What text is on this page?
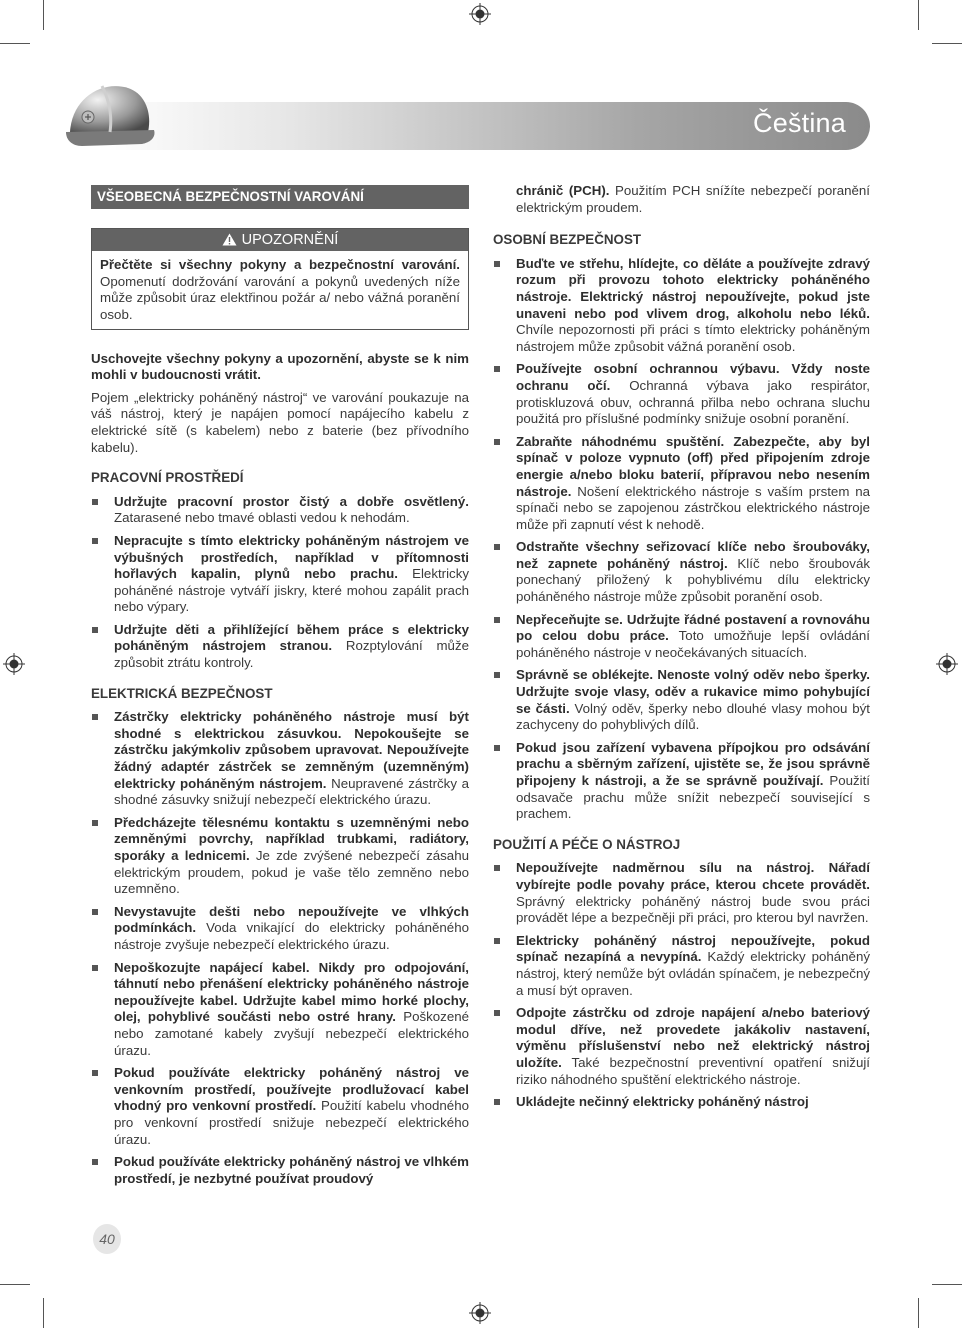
Čeština
VŠEOBECNÁ BEZPEČNOSTNÍ VAROVÁNÍ
UPOZORNĚNÍ
Přečtěte si všechny pokyny a bezpečnostní varování. Opomenutí dodržování varování a pokynů uvedených níže může způsobit úraz elektřinou požár a/ nebo vážná poranění osob.

Uschovejte všechny pokyny a upozornění, abyste se k nim mohli v budoucnosti vrátit.

Pojem „elektricky poháněný nástroj“ ve varování poukazuje na váš nástroj, který je napájen pomocí napájecího kabelu z elektrické sítě (s kabelem) nebo z baterie (bez přívodního kabelu).

PRACOVNÍ PROSTŘEDÍ
Udržujte pracovní prostor čistý a dobře osvětlený. Zatarasené nebo tmavé oblasti vedou k nehodám.
Nepracujte s tímto elektricky poháněným nástrojem ve výbušných prostředích, například v přítomnosti hořlavých kapalin, plynů nebo prachu. Elektricky poháněné nástroje vytváří jiskry, které mohou zapálit prach nebo výpary.
Udržujte děti a přihlížející během práce s elektricky poháněným nástrojem stranou. Rozptylování může způsobit ztrátu kontroly.
ELEKTRICKÁ BEZPEČNOST
Zástrčky elektricky poháněného nástroje musí být shodné s elektrickou zásuvkou. Nepokoušejte se zástrčku jakýmkoliv způsobem upravovat. Nepoužívejte žádný adaptér zástrček se zemněným (uzemněným) elektricky poháněným nástrojem. Neupravené zástrčky a shodné zásuvky snižují nebezpečí elektrického úrazu.
Předcházejte tělesnému kontaktu s uzemněnými nebo zemněnými povrchy, například trubkami, radiátory, sporáky a lednicemi. Je zde zvýšené nebezpečí zásahu elektrickým proudem, pokud je vaše tělo zemněno nebo uzemněno.
Nevystavujte dešti nebo nepoužívejte ve vlhkých podmínkách. Voda vnikající do elektricky poháněného nástroje zvyšuje nebezpečí elektrického úrazu.
Nepoškozujte napájecí kabel. Nikdy pro odpojování, táhnutí nebo přenášení elektricky poháněného nástroje nepoužívejte kabel. Udržujte kabel mimo horké plochy, olej, pohyblivé součásti nebo ostré hrany. Poškozené nebo zamotané kabely zvyšují nebezpečí elektrického úrazu.
Pokud používáte elektricky poháněný nástroj ve venkovním prostředí, používejte prodlužovací kabel vhodný pro venkovní prostředí. Použití kabelu vhodného pro venkovní prostředí snižuje nebezpečí elektrického úrazu.
Pokud používáte elektricky poháněný nástroj ve vlhkém prostředí, je nezbytné používat proudový
chránič (PCH). Použitím PCH snížíte nebezpečí poranění elektrickým proudem.
OSOBNÍ BEZPEČNOST
Buďte ve střehu, hlídejte, co děláte a používejte zdravý rozum při provozu tohoto elektricky poháněného nástroje. Elektrický nástroj nepoužívejte, pokud jste unaveni nebo pod vlivem drog, alkoholu nebo léků. Chvíle nepozornosti při práci s tímto elektricky poháněným nástrojem může způsobit vážná poranění osob.
Používejte osobní ochrannou výbavu. Vždy noste ochranu očí. Ochranná výbava jako respirátor, protiskluzová obuv, ochranná přilba nebo ochrana sluchu použitá pro příslušné podmínky snižuje osobní poranění.
Zabraňte náhodnému spuštění. Zabezpečte, aby byl spínač v poloze vypnuto (off) před připojením zdroje energie a/nebo bloku baterií, přípravou nebo nesením nástroje. Nošení elektrického nástroje s vaším prstem na spínači nebo se zapojenou zástrčkou elektrického nástroje může při zapnutí vést k nehodě.
Odstraňte všechny seřizovací klíče nebo šroubováky, než zapnete poháněný nástroj. Klíč nebo šroubovák ponechaný přiložený k pohyblivému dílu elektricky poháněného nástroje může způsobit poranění osob.
Nepřeceňujte se. Udržujte řádné postavení a rovnováhu po celou dobu práce. Toto umožňuje lepší ovládání poháněného nástroje v neočekávaných situacích.
Správně se oblékejte. Nenoste volný oděv nebo šperky. Udržujte svoje vlasy, oděv a rukavice mimo pohybující se části. Volný oděv, šperky nebo dlouhé vlasy mohou být zachyceny do pohyblivých dílů.
Pokud jsou zařízení vybavena přípojkou pro odsávání prachu a sběrným zařízení, ujistěte se, že jsou správně připojeny k nástroji, a že se správně používají. Použití odsavače prachu může snížit nebezpečí související s prachem.
POUŽITÍ A PÉČE O NÁSTROJ
Nepoužívejte nadměrnou sílu na nástroj. Nářadí vybírejte podle povahy práce, kterou chcete provádět. Správný elektricky poháněný nástroj bude svou práci provádět lépe a bezpečněji při práci, pro kterou byl navržen.
Elektricky poháněný nástroj nepoužívejte, pokud spínač nezapíná a nevypíná. Každý elektricky poháněný nástroj, který nemůže být ovládán spínačem, je nebezpečný a musí být opraven.
Odpojte zástrčku od zdroje napájení a/nebo bateriový modul dříve, než provedete jakákoliv nastavení, výměnu příslušenství nebo než elektrický nástroj uložíte. Také bezpečnostní preventivní opatření snižují riziko náhodného spuštění elektrického nástroje.
Ukládejte nečinný elektricky poháněný nástroj
40
